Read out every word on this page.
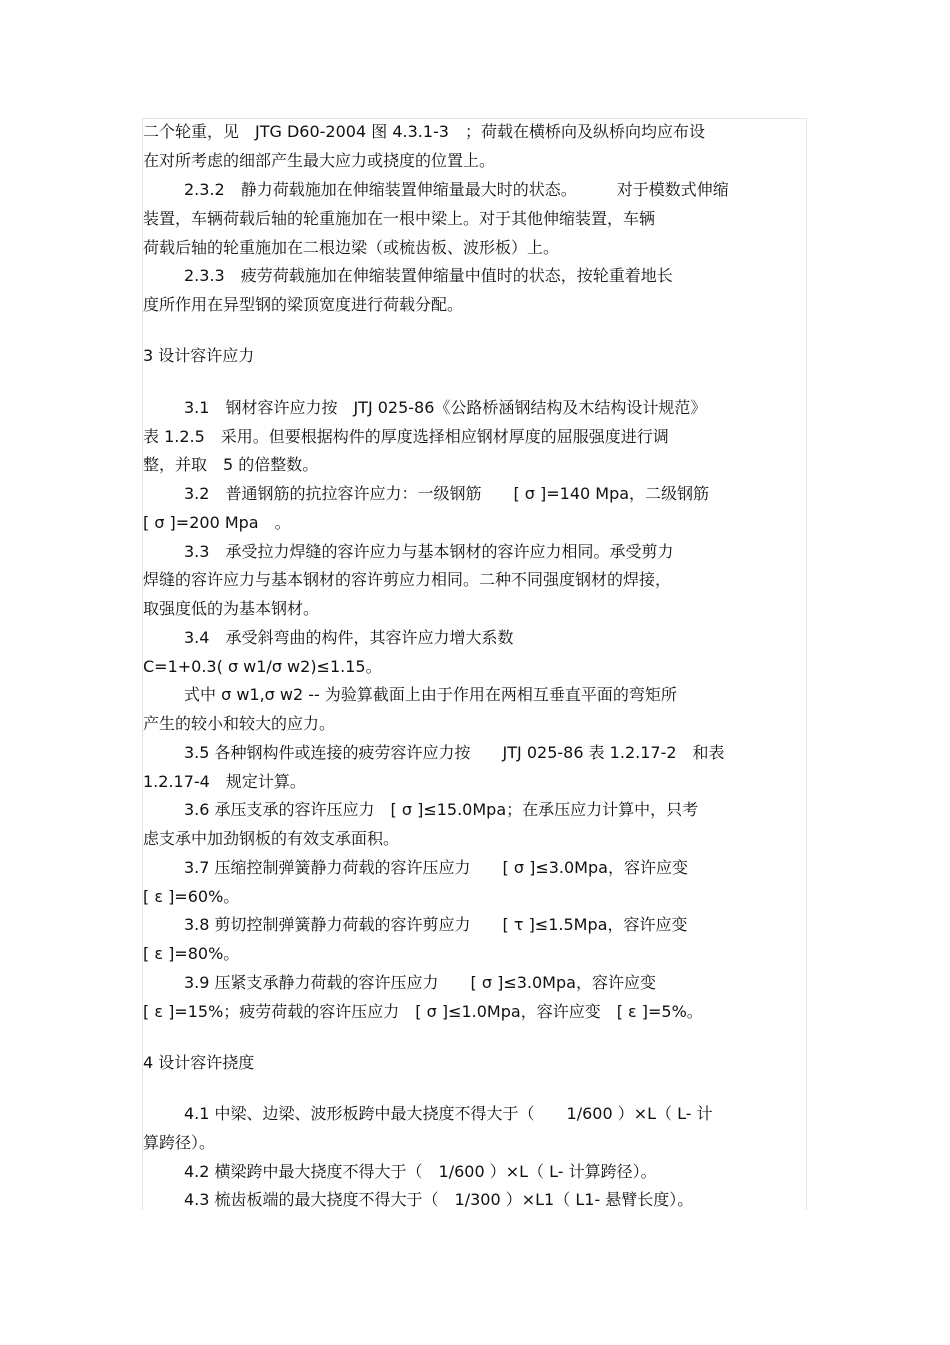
二个轮重，见　JTG D60-2004 图 4.3.1-3　；荷载在横桥向及纵桥向均应布设
在对所考虑的细部产生最大应力或挠度的位置上。
2.3.2　静力荷载施加在伸缩装置伸缩量最大时的状态。　　　对于模数式伸缩
装置，车辆荷载后轴的轮重施加在一根中梁上。对于其他伸缩装置，车辆
荷载后轴的轮重施加在二根边梁（或梳齿板、波形板）上。
2.3.3　疲劳荷载施加在伸缩装置伸缩量中值时的状态，按轮重着地长
度所作用在异型钢的梁顶宽度进行荷载分配。
3 设计容许应力
3.1　钢材容许应力按　JTJ 025-86《公路桥涵钢结构及木结构设计规范》
表 1.2.5　采用。但要根据构件的厚度选择相应钢材厚度的屈服强度进行调
整，并取　5 的倍整数。
3.2　普通钢筋的抗拉容许应力：一级钢筋　　[ σ ]=140 Mpa，二级钢筋
[ σ ]=200 Mpa　。
3.3　承受拉力焊缝的容许应力与基本钢材的容许应力相同。承受剪力
焊缝的容许应力与基本钢材的容许剪应力相同。二种不同强度钢材的焊接，
取强度低的为基本钢材。
3.4　承受斜弯曲的构件，其容许应力增大系数
C=1+0.3( σ w1/σ w2)≤1.15。
式中 σ w1,σ w2 -- 为验算截面上由于作用在两相互垂直平面的弯矩所
产生的较小和较大的应力。
3.5 各种钢构件或连接的疲劳容许应力按　　JTJ 025-86 表 1.2.17-2　和表
1.2.17-4　规定计算。
3.6 承压支承的容许压应力　[ σ ]≤15.0Mpa；在承压应力计算中，只考
虑支承中加劲钢板的有效支承面积。
3.7 压缩控制弹簧静力荷载的容许压应力　　[ σ ]≤3.0Mpa，容许应变
[ ε ]=60%。
3.8 剪切控制弹簧静力荷载的容许剪应力　　[ τ ]≤1.5Mpa，容许应变
[ ε ]=80%。
3.9 压紧支承静力荷载的容许压应力　　[ σ ]≤3.0Mpa，容许应变
[ ε ]=15%；疲劳荷载的容许压应力　[ σ ]≤1.0Mpa，容许应变　[ ε ]=5%。
4 设计容许挠度
4.1 中梁、边梁、波形板跨中最大挠度不得大于（　　1/600 ）×L（ L- 计
算跨径）。
4.2 横梁跨中最大挠度不得大于（　1/600 ）×L（ L- 计算跨径）。
4.3 梳齿板端的最大挠度不得大于（　1/300 ）×L1（ L1- 悬臂长度）。
